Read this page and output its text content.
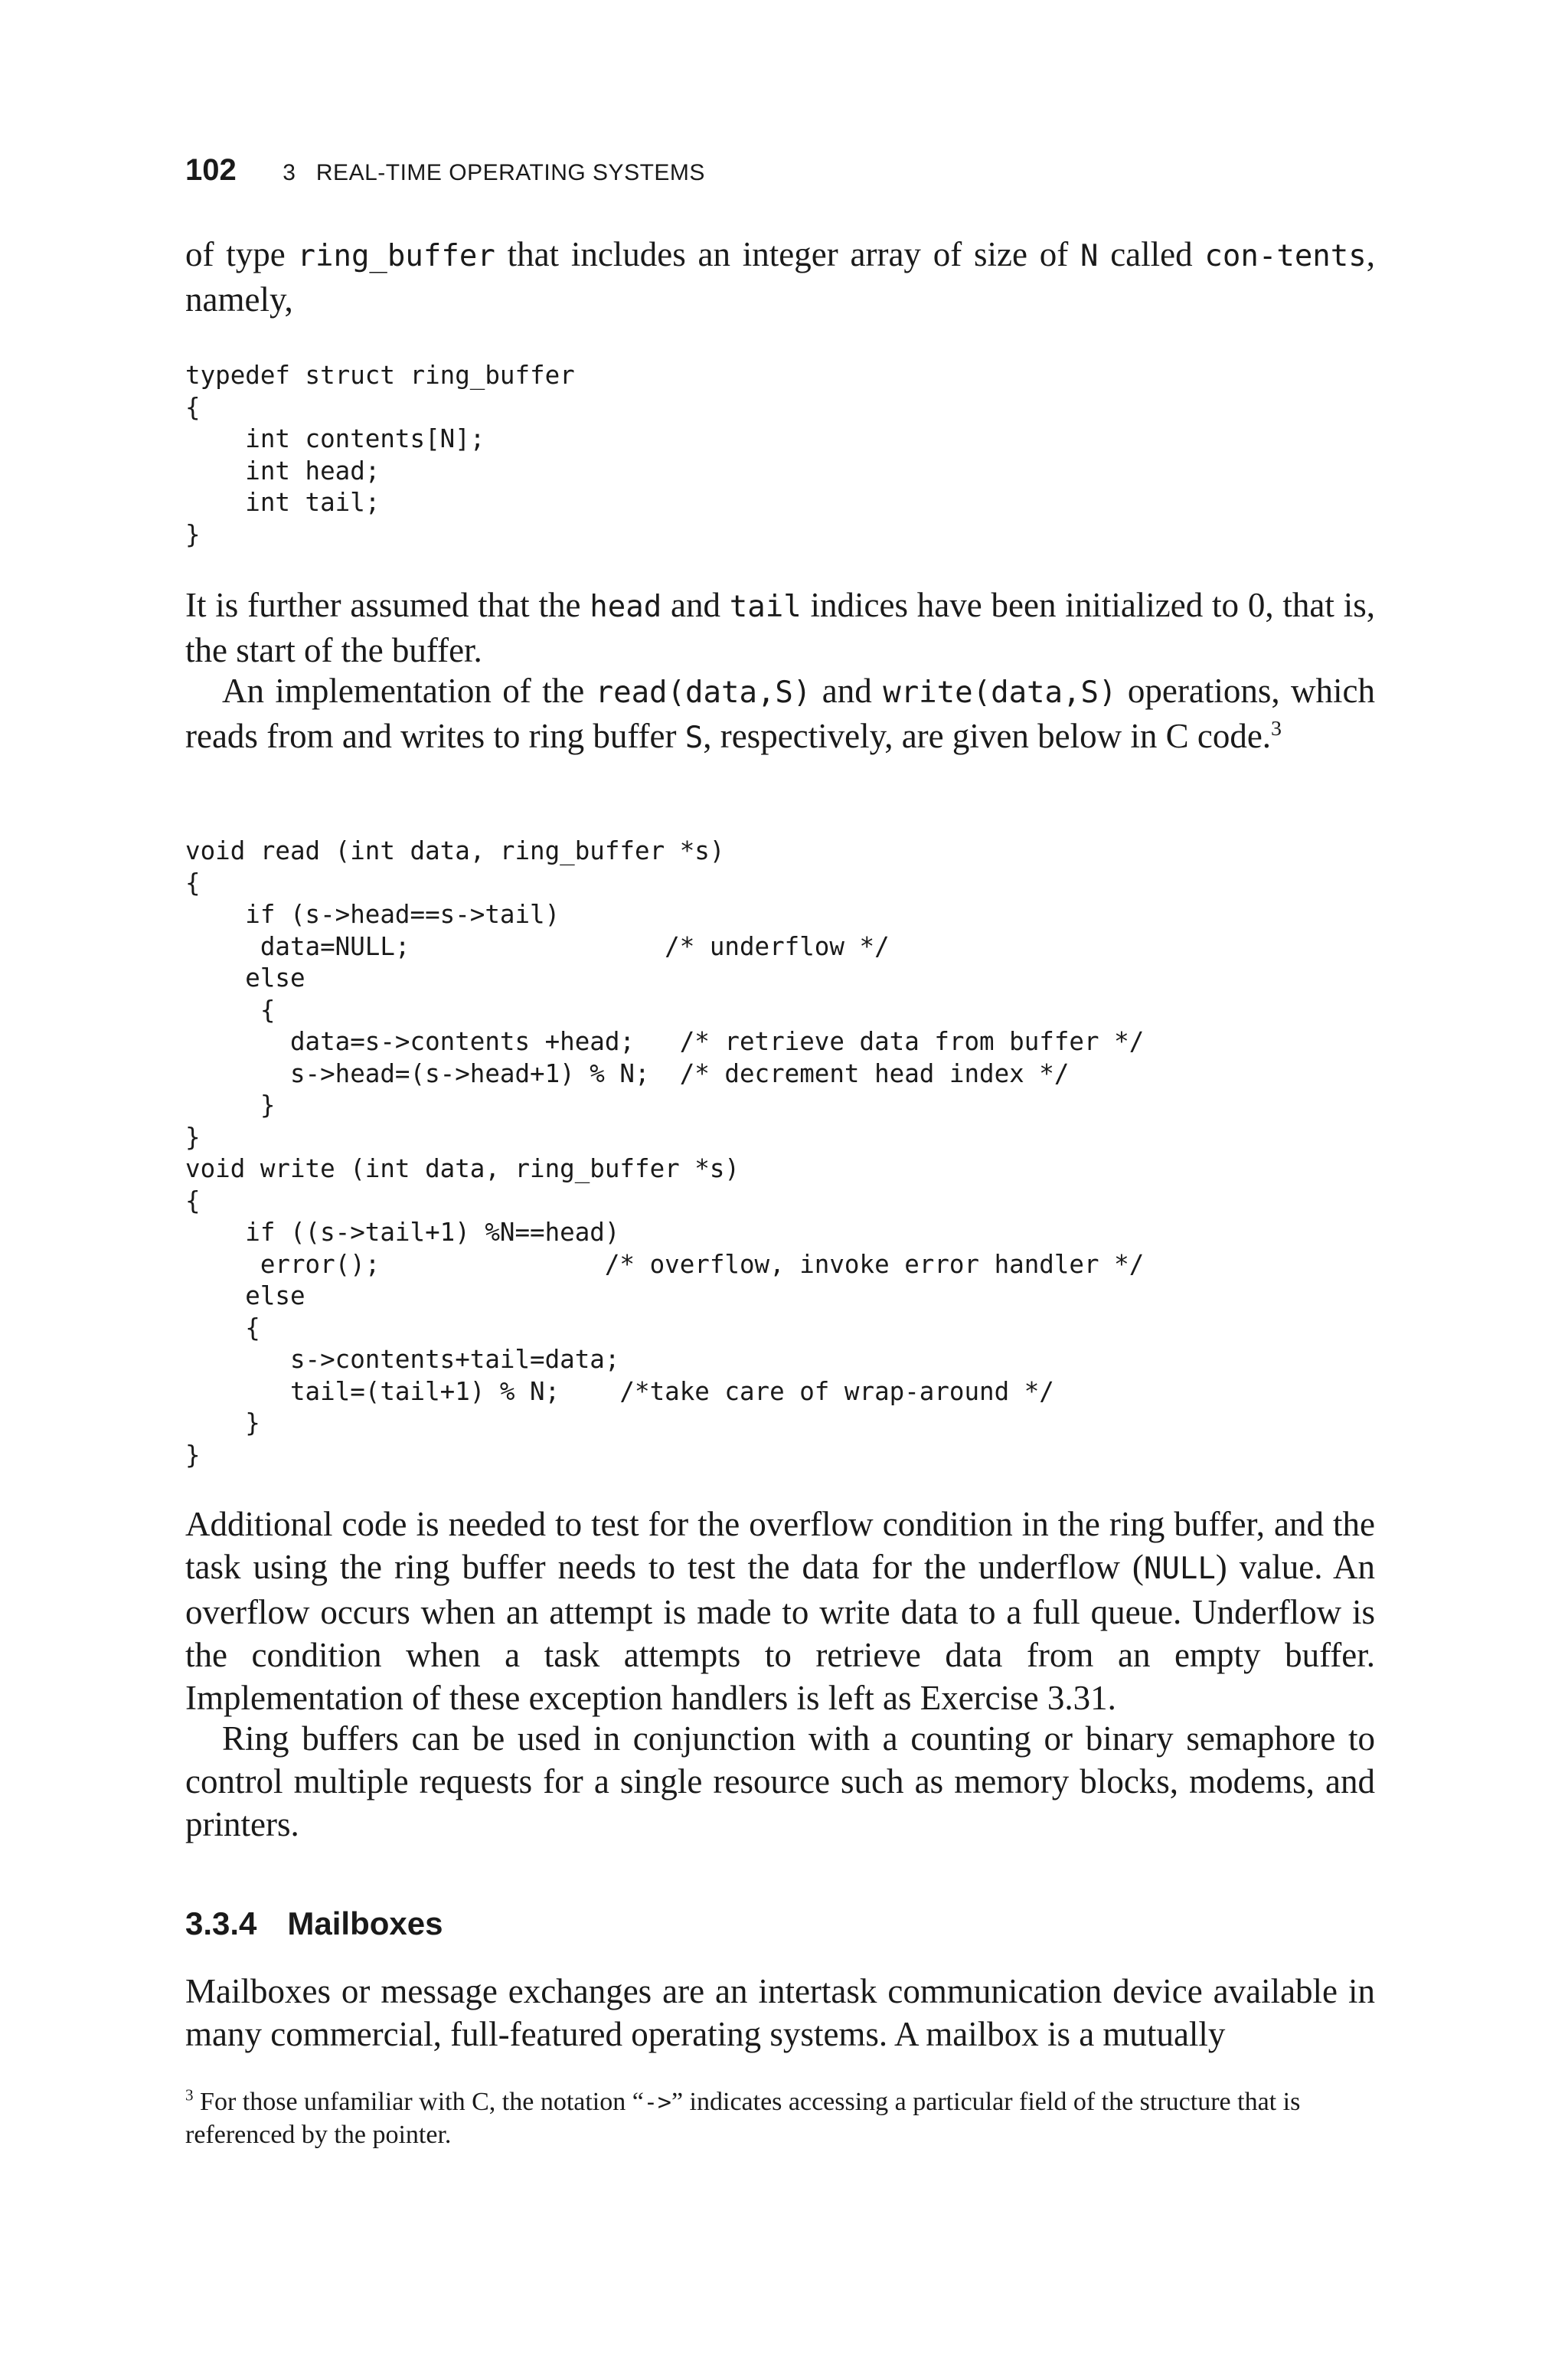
102 3   REAL-TIME OPERATING SYSTEMS

of type ring_buffer that includes an integer array of size of N called con-tents, namely,

typedef struct ring_buffer
{
int contents[N];
int head;
int tail;
}

It is further assumed that the head and tail indices have been initialized to 0, that is, the start of the buffer.

An implementation of the read(data,S) and write(data,S) operations, which reads from and writes to ring buffer S, respectively, are given below in C code.$^3$

void read (int data, ring_buffer *s)
{
if (s->head==s->tail)
data=NULL;                 /* underflow */
else
{
data=s->contents +head;   /* retrieve data from buffer */
s->head=(s->head+1) % N;  /* decrement head index */
}
}
void write (int data, ring_buffer *s)
{
if ((s->tail+1) %N==head)
error();               /* overflow, invoke error handler */
else
{
s->contents+tail=data;
tail=(tail+1) % N;    /*take care of wrap-around */
}
}

Additional code is needed to test for the overflow condition in the ring buffer, and the task using the ring buffer needs to test the data for the underflow (NULL) value. An overflow occurs when an attempt is made to write data to a full queue. Underflow is the condition when a task attempts to retrieve data from an empty buffer. Implementation of these exception handlers is left as Exercise 3.31.

Ring buffers can be used in conjunction with a counting or binary semaphore to control multiple requests for a single resource such as memory blocks, modems, and printers.

3.3.4 Mailboxes

Mailboxes or message exchanges are an intertask communication device available in many commercial, full-featured operating systems. A mailbox is a mutually

$^3$ For those unfamiliar with C, the notation “->” indicates accessing a particular field of the structure that is referenced by the pointer.
